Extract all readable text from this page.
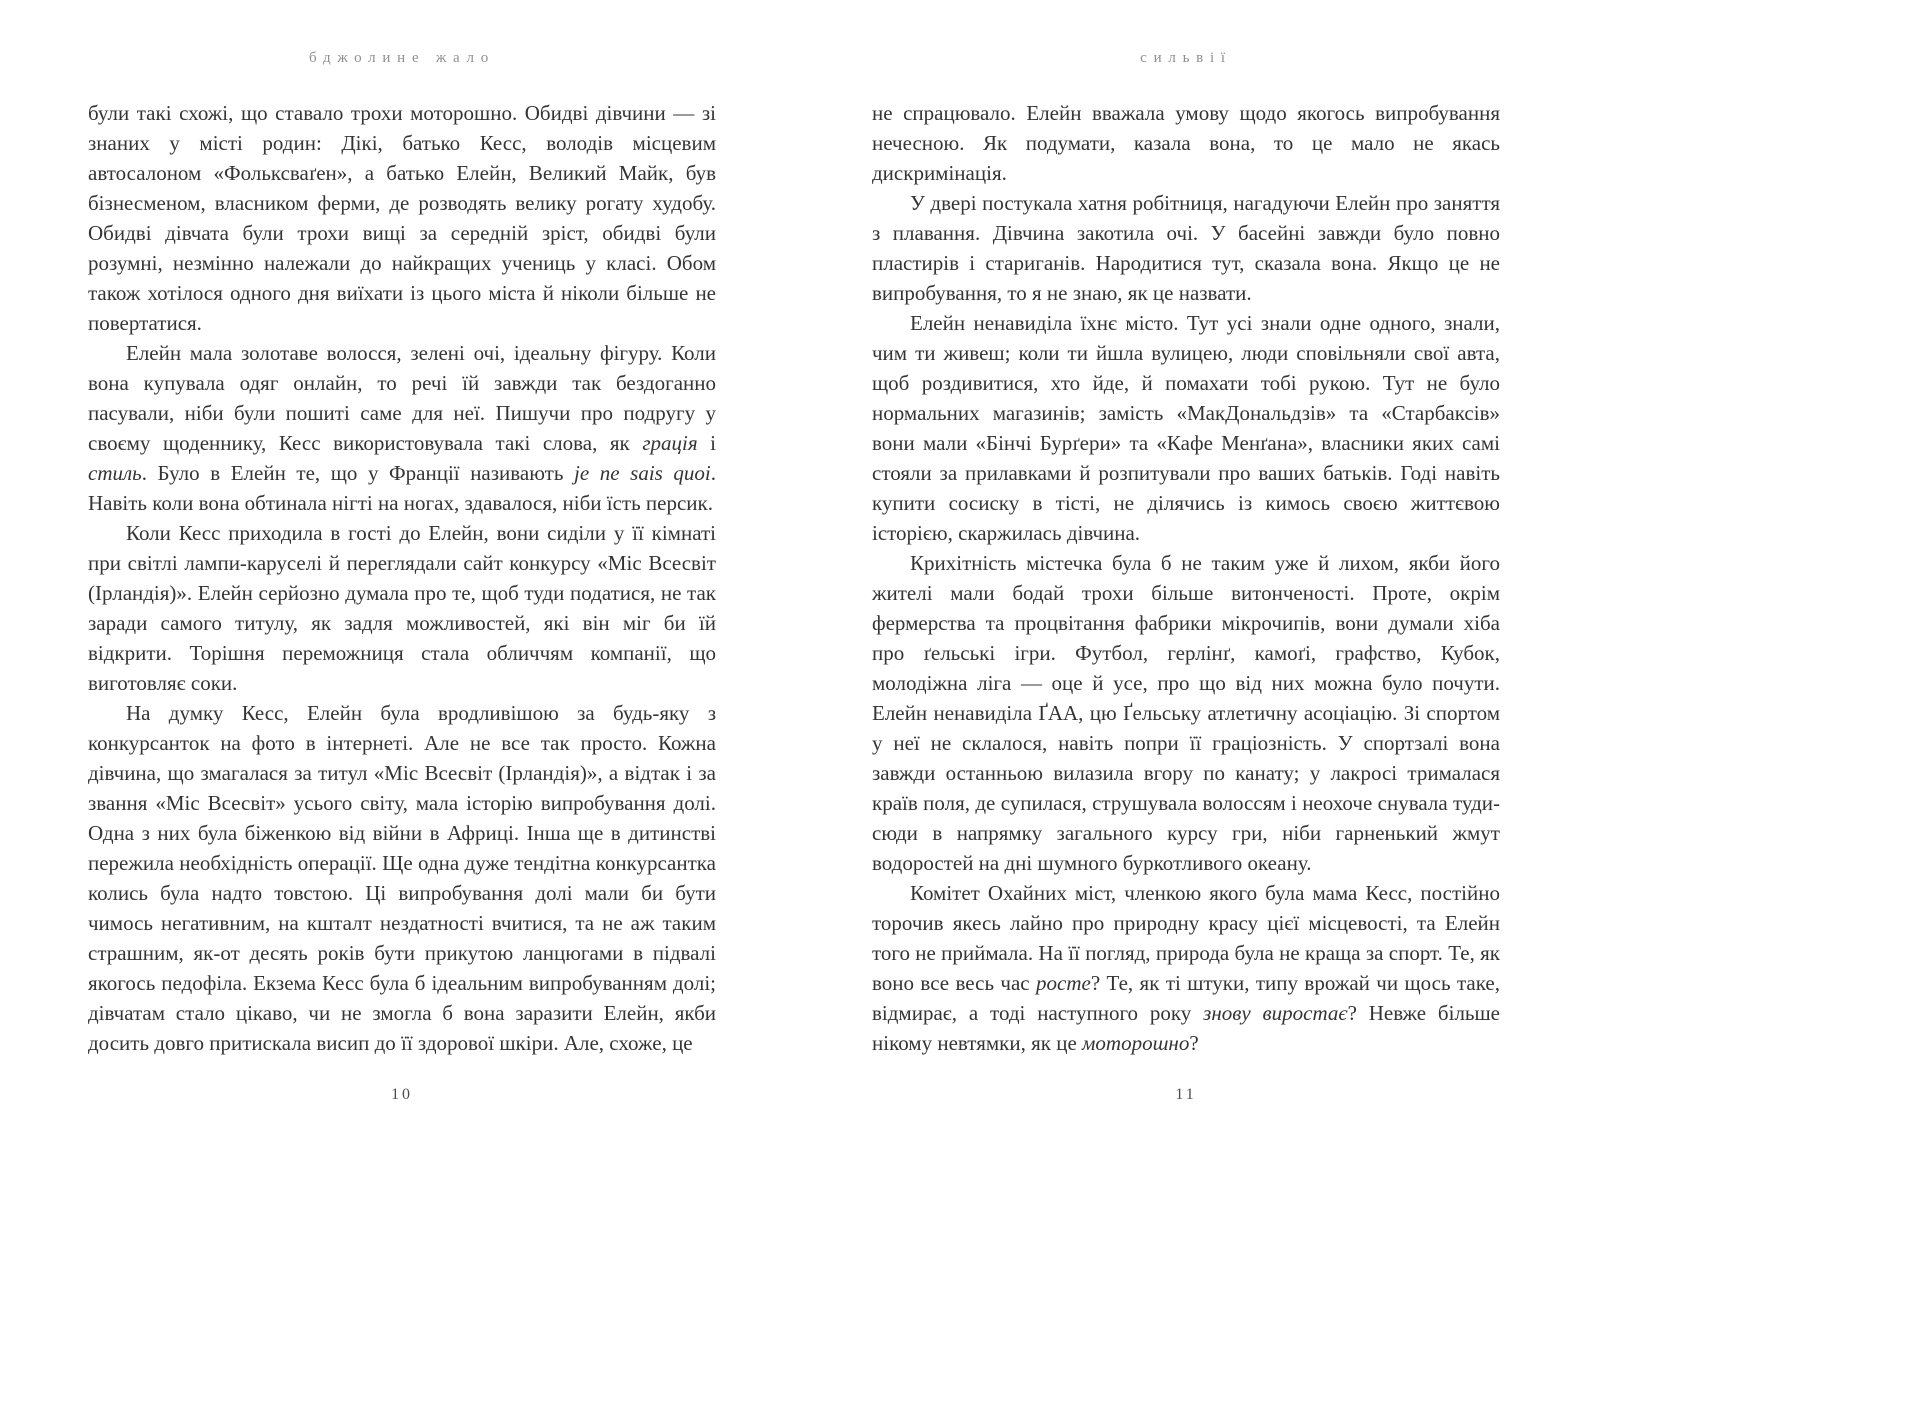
бджолине жало

були такі схожі, що ставало трохи моторошно. Обидві дівчини — зі знаних у місті родин: Дікі, батько Кесс, володів місцевим автосалоном «Фольксваґен», а батько Елейн, Великий Майк, був бізнесменом, власником ферми, де розводять велику рогату худобу. Обидві дівчата були трохи вищі за середній зріст, обидві були розумні, незмінно належали до найкращих учениць у класі. Обом також хотілося одного дня виїхати із цього міста й ніколи більше не повертатися.

Елейн мала золотаве волосся, зелені очі, ідеальну фігуру. Коли вона купувала одяг онлайн, то речі їй завжди так бездоганно пасували, ніби були пошиті саме для неї. Пишучи про подругу у своєму щоденнику, Кесс використовувала такі слова, як грація і стиль. Було в Елейн те, що у Франції називають je ne sais quoi. Навіть коли вона обтинала нігті на ногах, здавалося, ніби їсть персик.

Коли Кесс приходила в гості до Елейн, вони сиділи у її кімнаті при світлі лампи-каруселі й переглядали сайт конкурсу «Міс Всесвіт (Ірландія)». Елейн серйозно думала про те, щоб туди податися, не так заради самого титулу, як задля можливостей, які він міг би їй відкрити. Торішня переможниця стала обличчям компанії, що виготовляє соки.

На думку Кесс, Елейн була вродливішою за будь-яку з конкурсанток на фото в інтернеті. Але не все так просто. Кожна дівчина, що змагалася за титул «Міс Всесвіт (Ірландія)», а відтак і за звання «Міс Всесвіт» усього світу, мала історію випробування долі. Одна з них була біженкою від війни в Африці. Інша ще в дитинстві пережила необхідність операції. Ще одна дуже тендітна конкурсантка колись була надто товстою. Ці випробування долі мали би бути чимось негативним, на кшталт нездатності вчитися, та не аж таким страшним, як-от десять років бути прикутою ланцюгами в підвалі якогось педофіла. Екзема Кесс була б ідеальним випробуванням долі; дівчатам стало цікаво, чи не змогла б вона заразити Елейн, якби досить довго притискала висип до її здорової шкіри. Але, схоже, це

10
сильвії

не спрацювало. Елейн вважала умову щодо якогось випробування нечесною. Як подумати, казала вона, то це мало не якась дискримінація.

У двері постукала хатня робітниця, нагадуючи Елейн про заняття з плавання. Дівчина закотила очі. У басейні завжди було повно пластирів і стариганів. Народитися тут, сказала вона. Якщо це не випробування, то я не знаю, як це назвати.

Елейн ненавиділа їхнє місто. Тут усі знали одне одного, знали, чим ти живеш; коли ти йшла вулицею, люди сповільняли свої авта, щоб роздивитися, хто йде, й помахати тобі рукою. Тут не було нормальних магазинів; замість «МакДональдзів» та «Старбаксів» вони мали «Бінчі Бурґери» та «Кафе Менґана», власники яких самі стояли за прилавками й розпитували про ваших батьків. Годі навіть купити сосиску в тісті, не ділячись із кимось своєю життєвою історією, скаржилась дівчина.

Крихітність містечка була б не таким уже й лихом, якби його жителі мали бодай трохи більше витонченості. Проте, окрім фермерства та процвітання фабрики мікрочипів, вони думали хіба про ґельські ігри. Футбол, герлінґ, камоґі, графство, Кубок, молодіжна ліга — оце й усе, про що від них можна було почути. Елейн ненавиділа ҐАА, цю Ґельську атлетичну асоціацію. Зі спортом у неї не склалося, навіть попри її граціозність. У спортзалі вона завжди останньою вилазила вгору по канату; у лакросі трималася країв поля, де супилася, струшувала волоссям і неохоче снувала туди-сюди в напрямку загального курсу гри, ніби гарненький жмут водоростей на дні шумного буркотливого океану.

Комітет Охайних міст, членкою якого була мама Кесс, постійно торочив якесь лайно про природну красу цієї місцевості, та Елейн того не приймала. На її погляд, природа була не краща за спорт. Те, як воно все весь час росте? Те, як ті штуки, типу врожай чи щось таке, відмирає, а тоді наступного року знову виростає? Невже більше нікому невтямки, як це моторошно?

11
